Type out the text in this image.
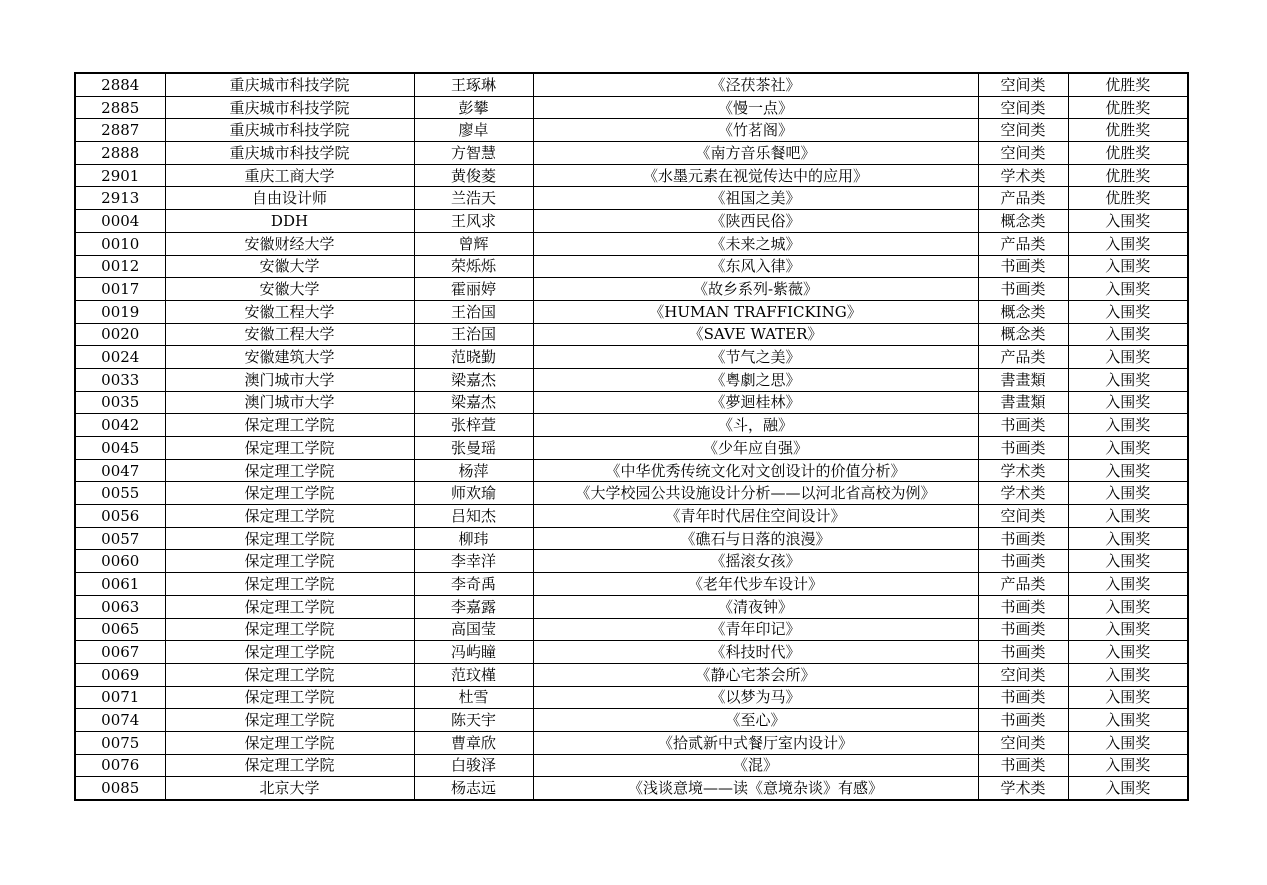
2884	重庆城市科技学院	王琢琳	《泾茯茶社》	空间类	优胜奖
2885	重庆城市科技学院	彭攀	《慢一点》	空间类	优胜奖
2887	重庆城市科技学院	廖卓	《竹茗阁》	空间类	优胜奖
2888	重庆城市科技学院	方智慧	《南方音乐餐吧》	空间类	优胜奖
2901	重庆工商大学	黄俊菱	《水墨元素在视觉传达中的应用》	学术类	优胜奖
2913	自由设计师	兰浩天	《祖国之美》	产品类	优胜奖
0004	DDH	王风求	《陕西民俗》	概念类	入围奖
0010	安徽财经大学	曾辉	《未来之城》	产品类	入围奖
0012	安徽大学	荣烁烁	《东风入律》	书画类	入围奖
0017	安徽大学	霍丽婷	《故乡系列-紫薇》	书画类	入围奖
0019	安徽工程大学	王治国	《HUMAN TRAFFICKING》	概念类	入围奖
0020	安徽工程大学	王治国	《SAVE WATER》	概念类	入围奖
0024	安徽建筑大学	范晓勤	《节气之美》	产品类	入围奖
0033	澳门城市大学	梁嘉杰	《粤劇之思》	書畫類	入围奖
0035	澳门城市大学	梁嘉杰	《夢迴桂林》	書畫類	入围奖
0042	保定理工学院	张梓萱	《斗，融》	书画类	入围奖
0045	保定理工学院	张曼瑶	《少年应自强》	书画类	入围奖
0047	保定理工学院	杨萍	《中华优秀传统文化对文创设计的价值分析》	学术类	入围奖
0055	保定理工学院	师欢瑜	《大学校园公共设施设计分析——以河北省高校为例》	学术类	入围奖
0056	保定理工学院	吕知杰	《青年时代居住空间设计》	空间类	入围奖
0057	保定理工学院	柳玮	《礁石与日落的浪漫》	书画类	入围奖
0060	保定理工学院	李幸洋	《摇滚女孩》	书画类	入围奖
0061	保定理工学院	李奇禹	《老年代步车设计》	产品类	入围奖
0063	保定理工学院	李嘉露	《清夜钟》	书画类	入围奖
0065	保定理工学院	高国莹	《青年印记》	书画类	入围奖
0067	保定理工学院	冯屿瞳	《科技时代》	书画类	入围奖
0069	保定理工学院	范玟槿	《静心宅茶会所》	空间类	入围奖
0071	保定理工学院	杜雪	《以梦为马》	书画类	入围奖
0074	保定理工学院	陈天宇	《至心》	书画类	入围奖
0075	保定理工学院	曹章欣	《拾贰新中式餐厅室内设计》	空间类	入围奖
0076	保定理工学院	白骏泽	《混》	书画类	入围奖
0085	北京大学	杨志远	《浅谈意境——读《意境杂谈》有感》	学术类	入围奖
